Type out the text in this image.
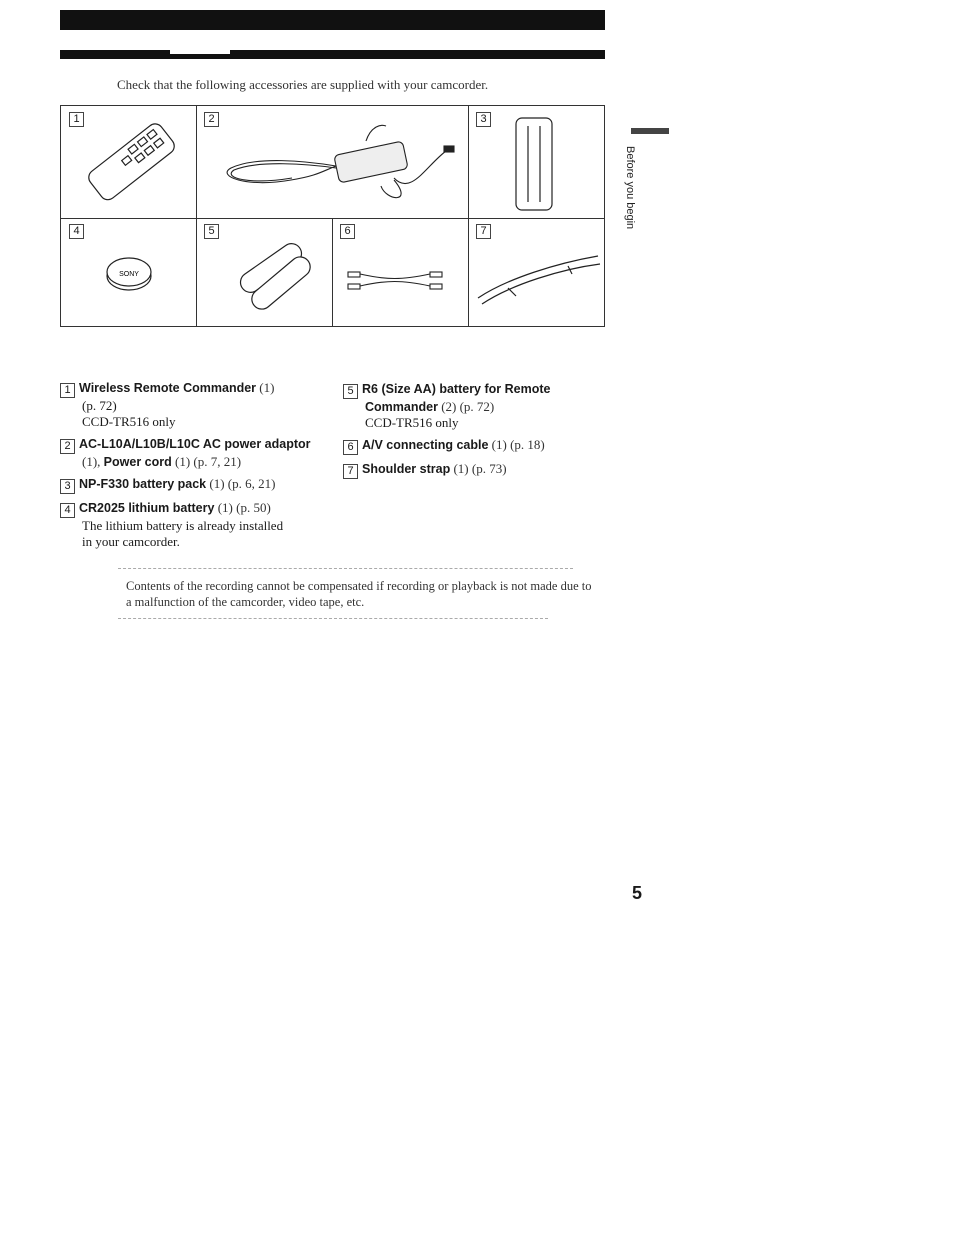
Check that the following accessories are supplied with your camcorder.
1	2	3
4
SONY
5	6	7
1 Wireless Remote Commander (1)
(p. 72)
CCD-TR516 only
2 AC-L10A/L10B/L10C AC power adaptor
(1), Power cord (1) (p. 7, 21)
3 NP-F330 battery pack (1) (p. 6, 21)
4 CR2025 lithium battery (1) (p. 50)
The lithium battery is already installed
in your camcorder.
5 R6 (Size AA) battery for Remote
Commander (2) (p. 72)
CCD-TR516 only
6 A/V connecting cable (1) (p. 18)
7 Shoulder strap (1) (p. 73)
Contents of the recording cannot be compensated if recording or playback is not made due to a malfunction of the camcorder, video tape, etc.
Before you begin
5
